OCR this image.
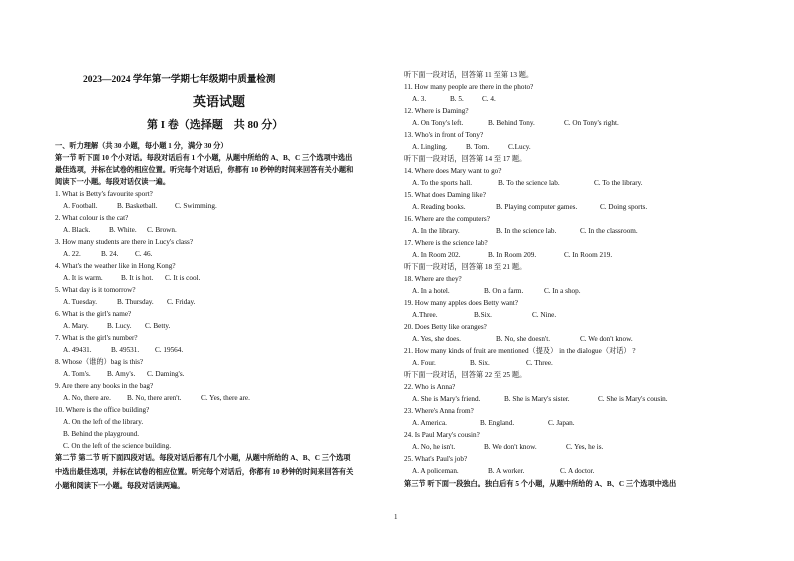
2023—2024 学年第一学期七年级期中质量检测
英语试题
第 I 卷（选择题　共 80 分）
一、听力理解（共 30 小题，每小题 1 分，满分 30 分）
第一节 听下面 10 个小对话。每段对话后有 1 个小题，从题中所给的 A、B、C 三个选项中选出
最佳选项，并标在试卷的相应位置。听完每个对话后，你都有 10 秒钟的时间来回答有关小题和
阅读下一小题。每段对话仅读一遍。
1. What is Betty's favourite sport?
A. Football.	B. Basketball. C. Swimming.
2. What colour is the cat?
A. Black.	B. White. C. Brown.
3. How many students are there in Lucy's class?
A. 22.	B. 24. C. 46.
4. What's the weather like in Hong Kong?
A. It is warm.	B. It is hot. C. It is cool.
5. What day is it tomorrow?
A. Tuesday.	B. Thursday. C. Friday.
6. What is the girl's name?
A. Mary.	B. Lucy. C. Betty.
7. What is the girl's number?
A. 49431.	B. 49531. C. 19564.
8. Whose（谁的）bag is this?
A. Tom's. B. Amy's. C. Daming's.
9. Are there any books in the bag?
A. No, there are. B. No, there aren't.	C. Yes, there are.
10. Where is the office building?
A. On the left of the library.
B. Behind the playground.
C. On the left of the science building.
第二节 第二节 听下面四段对话。每段对话后都有几个小题，从题中所给的 A、B、C 三个选项
中选出最佳选项，并标在试卷的相应位置。听完每个对话后，你都有 10 秒钟的时间来回答有关
小题和阅读下一小题。每段对话读两遍。
听下面一段对话，回答第 11 至第 13 题。
11. How many people are there in the photo?
A. 3.	B. 5.	C. 4.
12. Where is Daming?
A. On Tony's left.	B. Behind Tony.	C. On Tony's right.
13. Who's in front of Tony?
A. Lingling.	B. Tom.	C.Lucy.
听下面一段对话，回答第 14 至 17 题。
14. Where does Mary want to go?
A. To the sports hall.	B. To the science lab.	C. To the library.
15. What does Daming like?
A. Reading books.	B. Playing computer games.	C. Doing sports.
16. Where are the computers?
A. In the library.	B. In the science lab.	C. In the classroom.
17. Where is the science lab?
A. In Room 202.	B. In Room 209.	C. In Room 219.
听下面一段对话，回答第 18 至 21 题。
18. Where are they?
A. In a hotel.	B. On a farm.	C. In a shop.
19. How many apples does Betty want?
A.Three.	B.Six.	C. Nine.
20. Does Betty like oranges?
A. Yes, she does.	B. No, she doesn't.	C. We don't know.
21. How many kinds of fruit are mentioned（提及） in the dialogue（对话） ?
A. Four.	B. Six.	C. Three.
听下面一段对话，回答第 22 至 25 题。
22. Who is Anna?
A. She is Mary's friend.	B. She is Mary's sister.	C. She is Mary's cousin.
23. Where's Anna from?
A. America.	B. England.	C. Japan.
24. Is Paul Mary's cousin?
A. No, he isn't.	B. We don't know.	C. Yes, he is.
25. What's Paul's job?
A. A policeman.	B. A worker.	C. A doctor.
第三节 听下面一段独白。独白后有 5 个小题，从题中所给的 A、B、C 三个选项中选出
1
